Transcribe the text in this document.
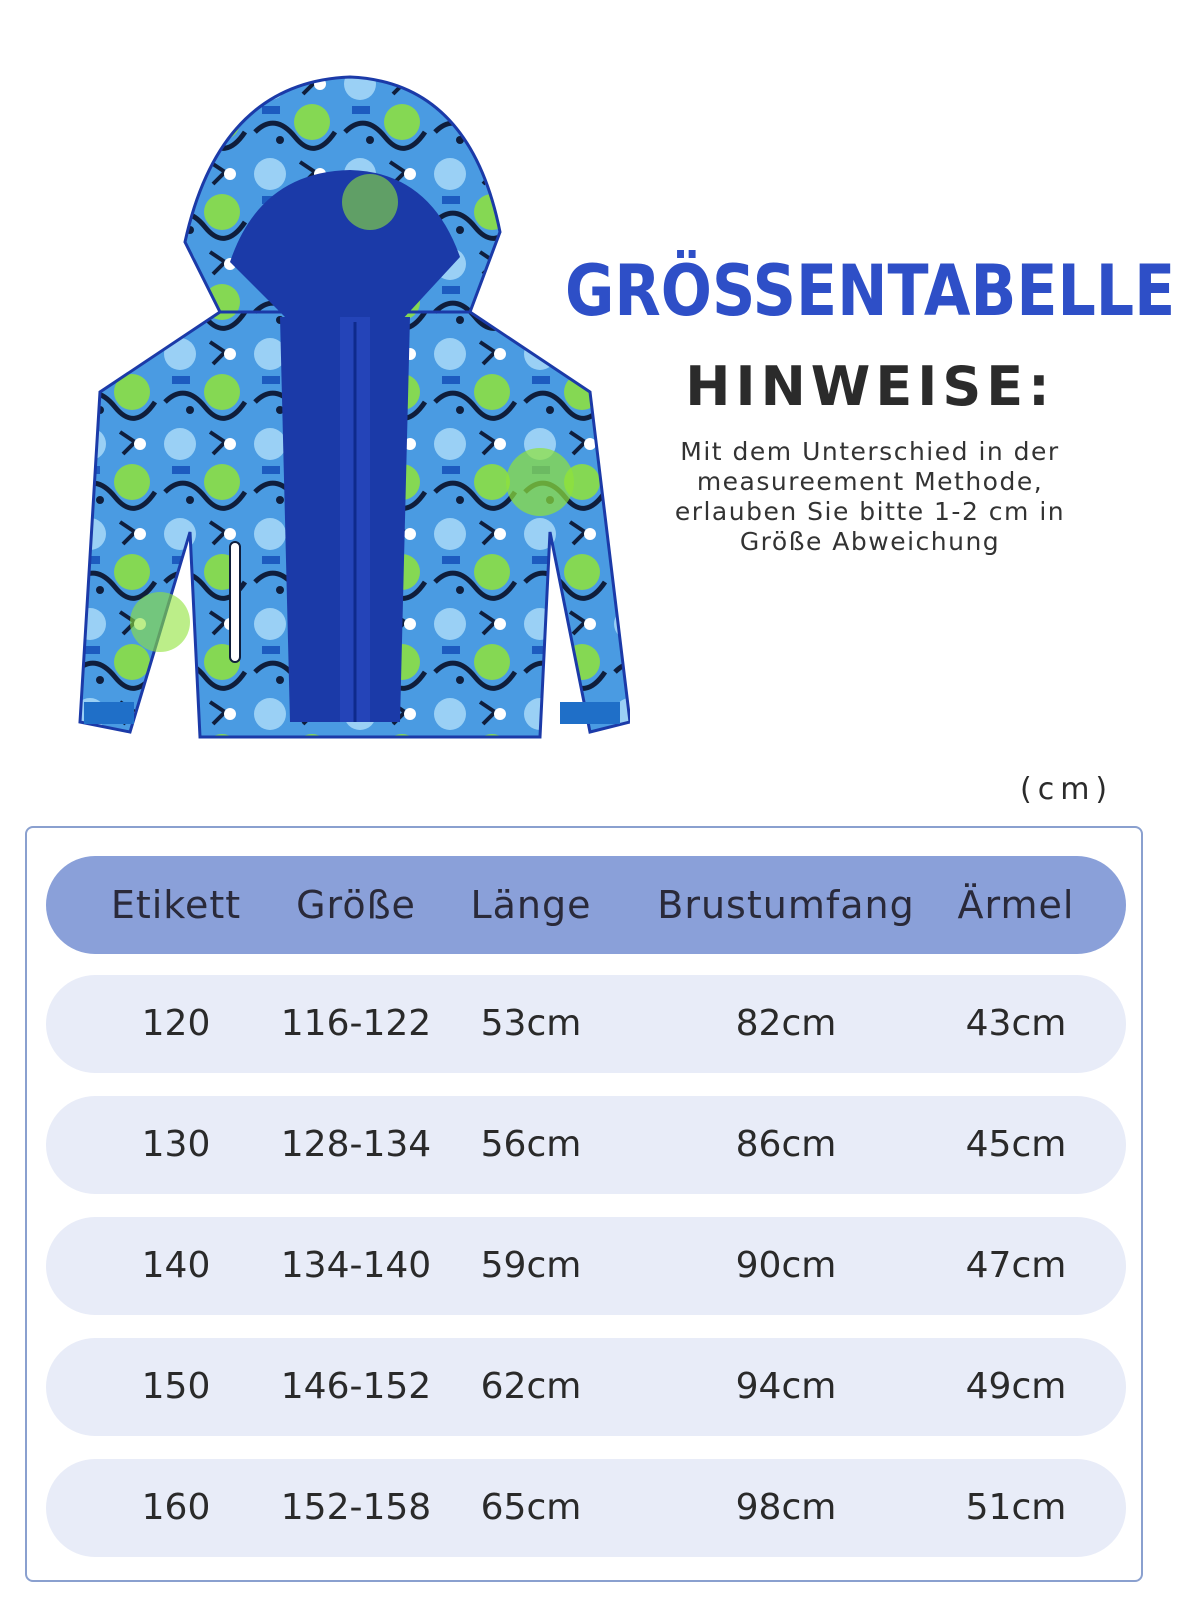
GRÖSSENTABELLE
HINWEISE:
Mit dem Unterschied in der
measureement Methode,
erlauben Sie bitte 1-2 cm in
Größe Abweichung
(cm)
Etikett	Größe	Länge	Brustumfang	Ärmel
120	116-122	53cm	82cm	43cm
130	128-134	56cm	86cm	45cm
140	134-140	59cm	90cm	47cm
150	146-152	62cm	94cm	49cm
160	152-158	65cm	98cm	51cm
